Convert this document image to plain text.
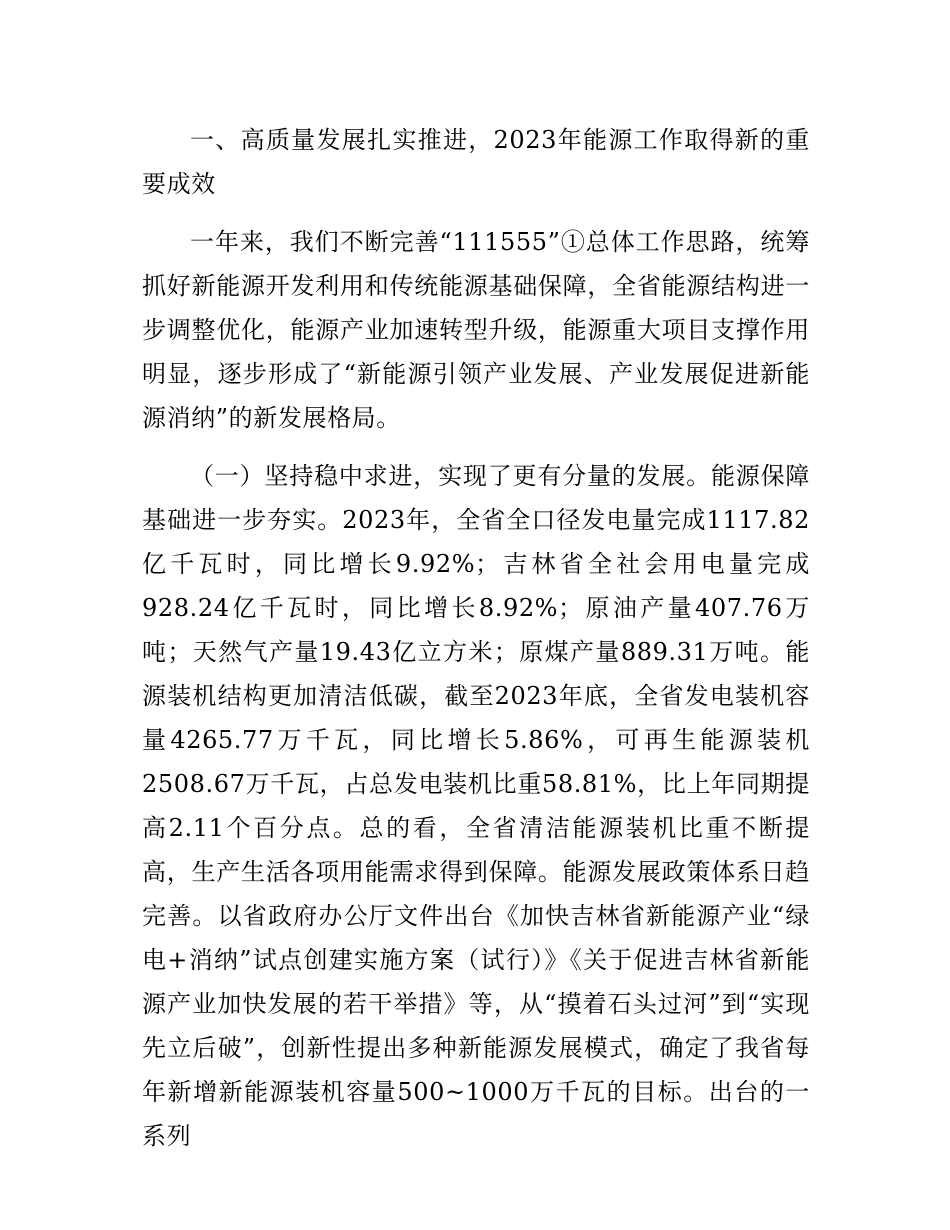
一、高质量发展扎实推进，2023年能源工作取得新的重要成效

一年来，我们不断完善“111555”①总体工作思路，统筹抓好新能源开发利用和传统能源基础保障，全省能源结构进一步调整优化，能源产业加速转型升级，能源重大项目支撑作用明显，逐步形成了“新能源引领产业发展、产业发展促进新能源消纳”的新发展格局。

（一）坚持稳中求进，实现了更有分量的发展。能源保障基础进一步夯实。2023年，全省全口径发电量完成1117.82亿千瓦时，同比增长9.92%；吉林省全社会用电量完成928.24亿千瓦时，同比增长8.92%；原油产量407.76万吨；天然气产量19.43亿立方米；原煤产量889.31万吨。能源装机结构更加清洁低碳，截至2023年底，全省发电装机容量4265.77万千瓦，同比增长5.86%，可再生能源装机2508.67万千瓦，占总发电装机比重58.81%，比上年同期提高2.11个百分点。总的看，全省清洁能源装机比重不断提高，生产生活各项用能需求得到保障。能源发展政策体系日趋完善。以省政府办公厅文件出台《加快吉林省新能源产业“绿电+消纳”试点创建实施方案（试行）》《关于促进吉林省新能源产业加快发展的若干举措》等，从“摸着石头过河”到“实现先立后破”，创新性提出多种新能源发展模式，确定了我省每年新增新能源装机容量500~1000万千瓦的目标。出台的一系列
